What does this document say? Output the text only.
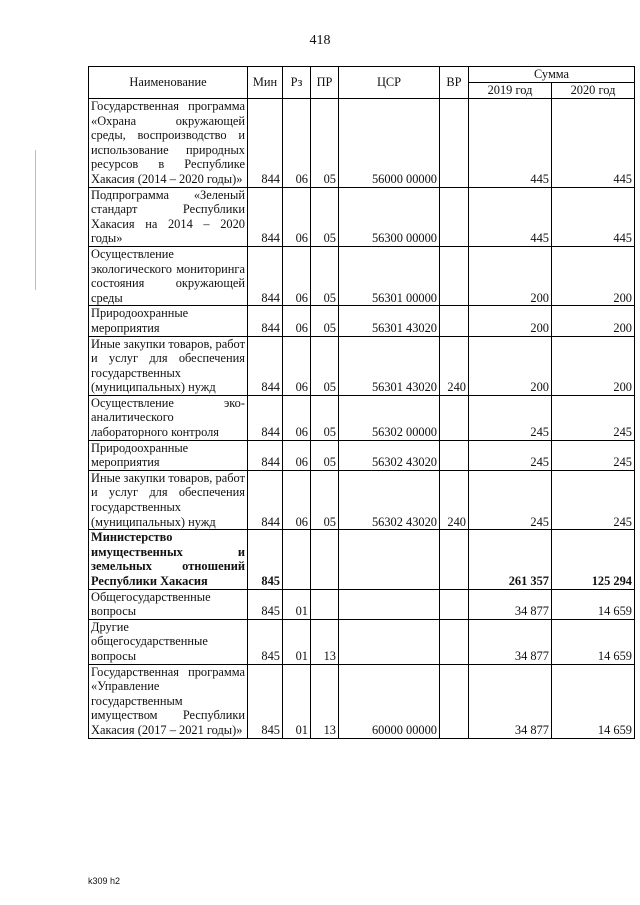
418
Наименование	Мин	Рз	ПР	ЦСР	ВР	Сумма	
						2019 год	2020 год
Государственная программа «Охрана окружающей среды, воспроизводство и использование природных ресурсов в Республике Хакасия (2014 – 2020 годы)»	844	06	05	56000 00000		445	445
Подпрограмма «Зеленый стандарт Республики Хакасия на 2014 – 2020 годы»	844	06	05	56300 00000		445	445
Осуществление экологического мониторинга состояния окружающей среды	844	06	05	56301 00000		200	200
Природоохранные мероприятия	844	06	05	56301 43020		200	200
Иные закупки товаров, работ и услуг для обеспечения государственных (муниципальных) нужд	844	06	05	56301 43020	240	200	200
Осуществление эко-аналитического лабораторного контроля	844	06	05	56302 00000		245	245
Природоохранные мероприятия	844	06	05	56302 43020		245	245
Иные закупки товаров, работ и услуг для обеспечения государственных (муниципальных) нужд	844	06	05	56302 43020	240	245	245
Министерство имущественных и земельных отношений Республики Хакасия	845					261 357	125 294
Общегосударственные вопросы	845	01				34 877	14 659
Другие общегосударственные вопросы	845	01	13			34 877	14 659
Государственная программа «Управление государственным имуществом Республики Хакасия (2017 – 2021 годы)»	845	01	13	60000 00000		34 877	14 659
k309 h2
